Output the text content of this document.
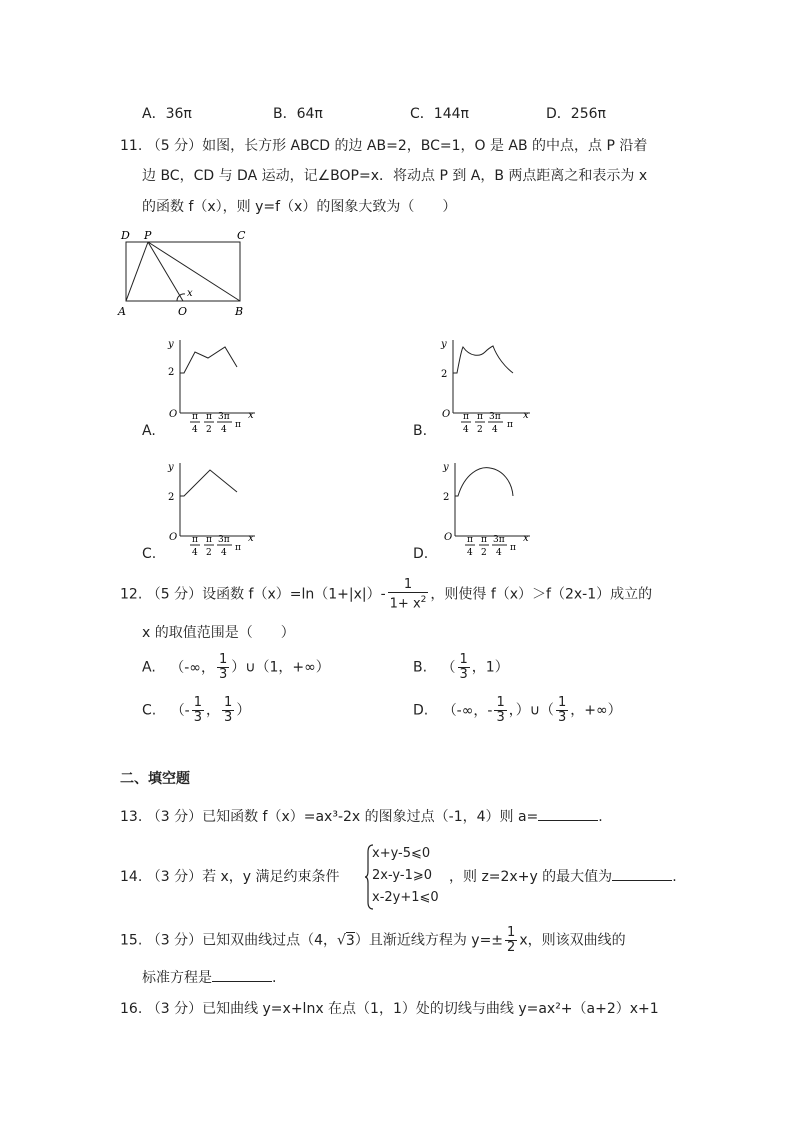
A．36π	B．64π	C．144π	D．256π
11. （5 分）如图，长方形 ABCD 的边 AB=2，BC=1，O 是 AB 的中点，点 P 沿着
边 BC，CD 与 DA 运动，记∠BOP=x．将动点 P 到 A，B 两点距离之和表示为 x
的函数 f（x），则 y=f（x）的图象大致为（　　）
D P	C
A	O	B
x
y
2
O	x
π
4
π
2
3π
4 π
A.
y
2
O	x
π
4
π
2
3π
4 π
B.
y
2
O	x
π
4
π
2
3π
4 π
C.
y
2
O	x
π
4
π
2
3π
4 π
D.
12. （5 分）设函数 $f(x)=\ln(1+|x|)- \frac{1}{1+ x^2}$ ，则使得 f（x）＞f（2x-1）成立的
x 的取值范围是（　　）
A. （-∞， $\frac{1}{3}$ ）∪（1，+∞）	B. （ $\frac{1}{3}$ ，1）
C. （- $\frac{1}{3}$ ， $\frac{1}{3}$ ）	D. （-∞，- $\frac{1}{3}$ ，）∪（ $\frac{1}{3}$ ，+∞）
二、填空题
13. （3 分）已知函数 f（x）=ax³-2x 的图象过点（-1，4）则 a=	.
14. （3 分）若 x，y 满足约束条件
x+y-5⩽0
2x-y-1⩾0
x-2y+1⩽0
，则 z=2x+y 的最大值为	.
15. （3 分）已知双曲线过点（4，√3）且渐近线方程为 $y=\pm \frac{1}{2}$ x，则该双曲线的
标准方程是	.
16. （3 分）已知曲线 y=x+lnx 在点（1，1）处的切线与曲线 y=ax²+（a+2）x+1
